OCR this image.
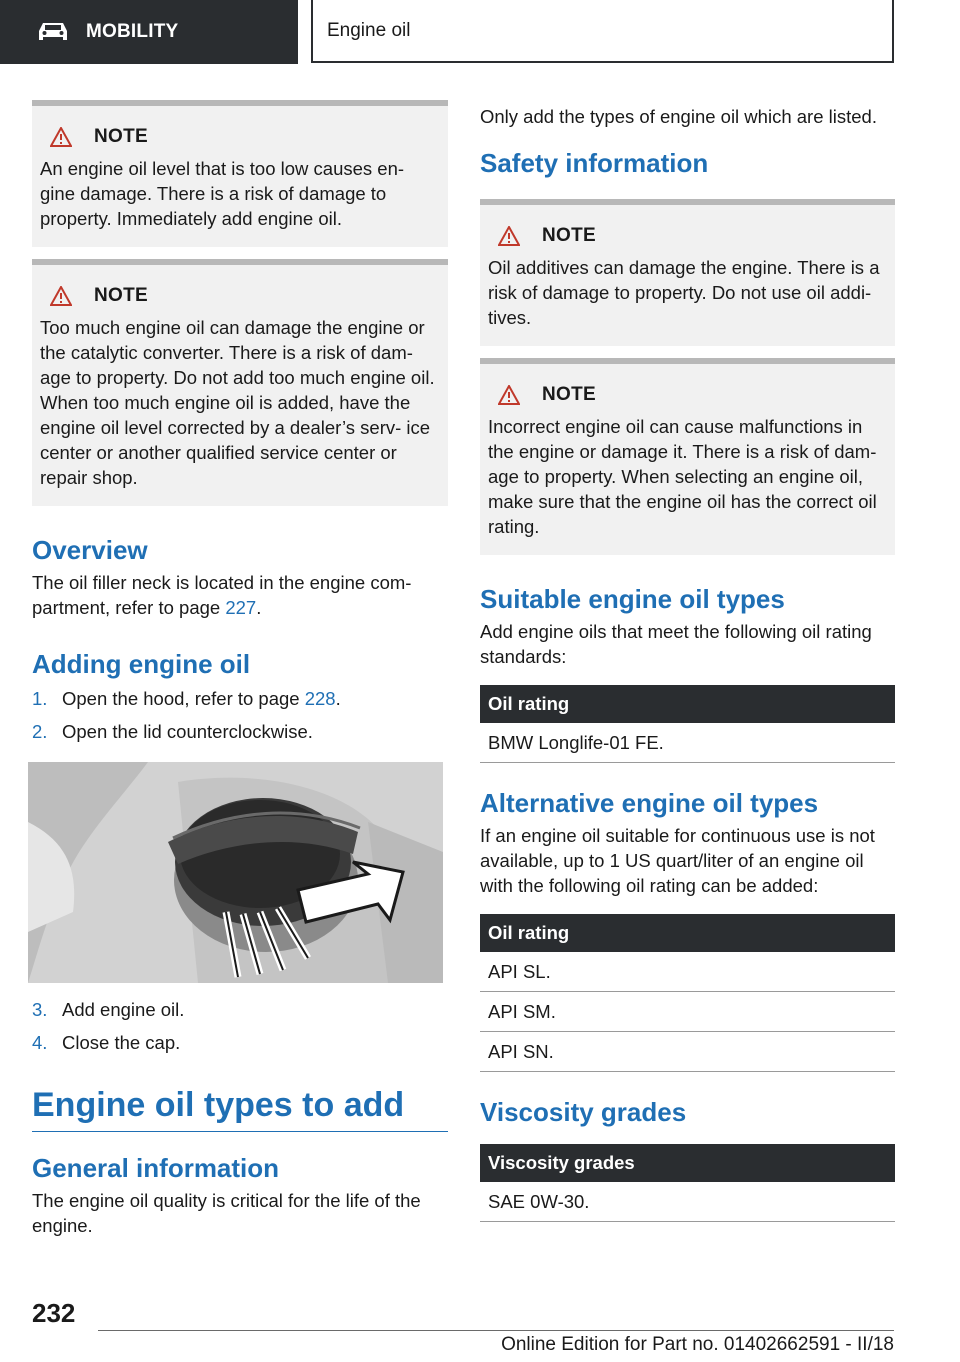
MOBILITY	Engine oil
NOTE

An engine oil level that is too low causes en- gine damage. There is a risk of damage to property. Immediately add engine oil.

NOTE

Too much engine oil can damage the engine or the catalytic converter. There is a risk of dam- age to property. Do not add too much engine oil. When too much engine oil is added, have the engine oil level corrected by a dealer’s serv- ice center or another qualified service center or repair shop.

Overview

The oil filler neck is located in the engine com- partment, refer to page 227.

Adding engine oil
1. Open the hood, refer to page 228.
2. Open the lid counterclockwise.
3. Add engine oil.
4. Close the cap.
Engine oil types to add
General information

The engine oil quality is critical for the life of the engine.

Only add the types of engine oil which are listed.

Safety information
NOTE

Oil additives can damage the engine. There is a risk of damage to property. Do not use oil addi- tives.

NOTE

Incorrect engine oil can cause malfunctions in the engine or damage it. There is a risk of dam- age to property. When selecting an engine oil, make sure that the engine oil has the correct oil rating.

Suitable engine oil types

Add engine oils that meet the following oil rating standards:

Oil rating
BMW Longlife-01 FE.
Alternative engine oil types

If an engine oil suitable for continuous use is not available, up to 1 US quart/liter of an engine oil with the following oil rating can be added:

Oil rating
API SL.
API SM.
API SN.
Viscosity grades
Viscosity grades
SAE 0W-30.
232
Online Edition for Part no. 01402662591 - II/18
